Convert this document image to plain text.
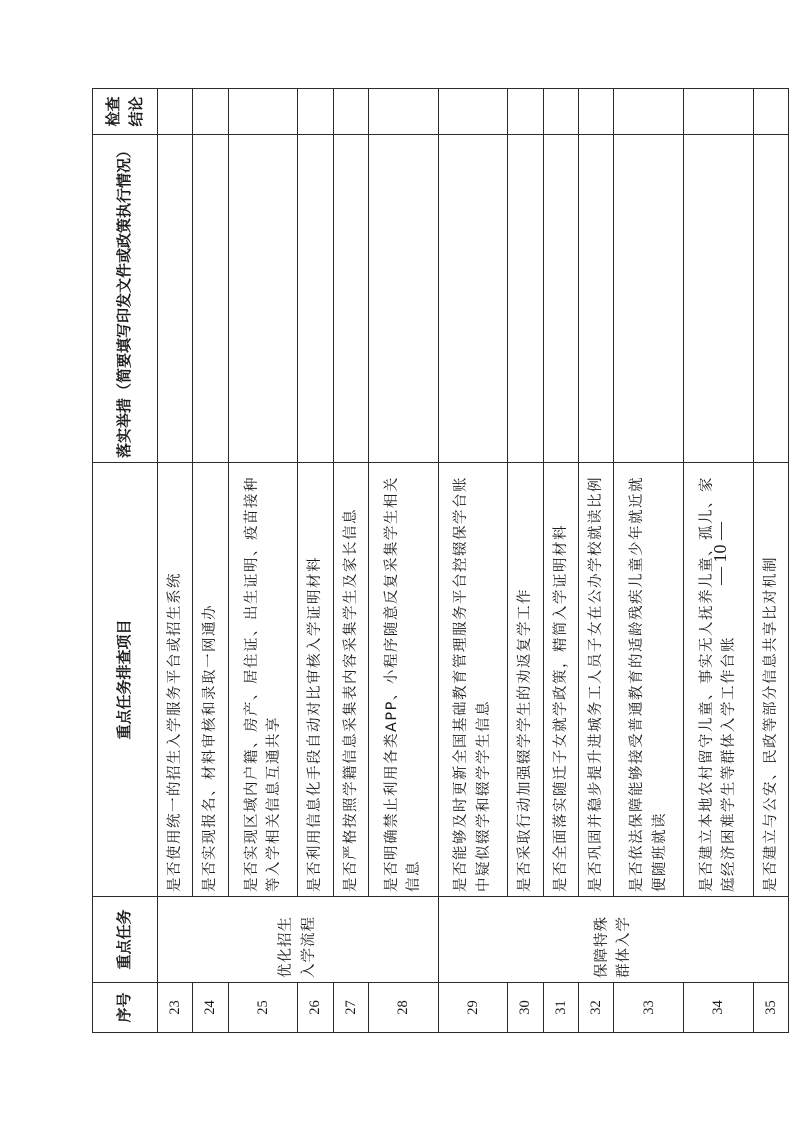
序号	重点任务	重点任务排查项目	落实举措（简要填写印发文件或政策执行情况）	检查结论
23	优化招生入学流程	是否使用统一的招生入学服务平台或招生系统		
24		是否实现报名、材料审核和录取一网通办		
25		是否实现区域内户籍、房产、居住证、出生证明、疫苗接种等入学相关信息互通共享		
26		是否利用信息化手段自动对比审核入学证明材料		
27		是否严格按照学籍信息采集表内容采集学生及家长信息		
28		是否明确禁止利用各类APP、小程序随意反复采集学生相关信息		
29	保障特殊群体入学	是否能够及时更新全国基础教育管理服务平台控辍保学台账中疑似辍学和辍学学生信息		
30		是否采取行动加强辍学学生的劝返复学工作		
31		是否全面落实随迁子女就学政策，精简入学证明材料		
32		是否巩固并稳步提升进城务工人员子女在公办学校就读比例		
33		是否依法保障能够接受普通教育的适龄残疾儿童少年就近就便随班就读		
34		是否建立本地农村留守儿童、事实无人抚养儿童、孤儿、家庭经济困难学生等群体入学工作台账		
35		是否建立与公安、民政等部分信息共享比对机制		
— 10 —
